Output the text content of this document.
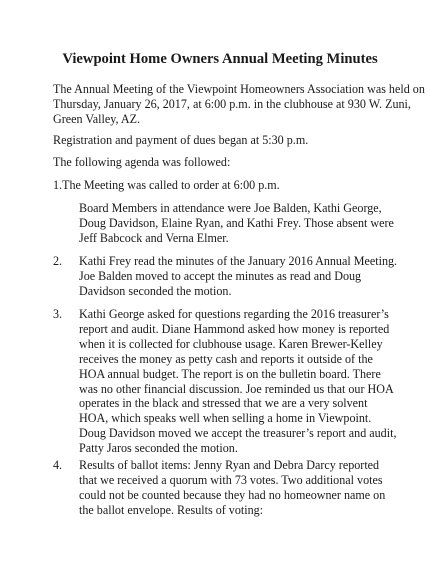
Viewpoint Home Owners Annual Meeting Minutes

The Annual Meeting of the Viewpoint Homeowners Association was held on Thursday, January 26, 2017, at 6:00 p.m. in the clubhouse at 930 W. Zuni, Green Valley, AZ.

Registration and payment of dues began at 5:30 p.m.

The following agenda was followed:

1.The Meeting was called to order at 6:00 p.m.

Board Members in attendance were Joe Balden, Kathi George, Doug Davidson, Elaine Ryan, and Kathi Frey. Those absent were Jeff Babcock and Verna Elmer.

2. Kathi Frey read the minutes of the January 2016 Annual Meeting. Joe Balden moved to accept the minutes as read and Doug Davidson seconded the motion.

3. Kathi George asked for questions regarding the 2016 treasurer’s report and audit. Diane Hammond asked how money is reported when it is collected for clubhouse usage. Karen Brewer-Kelley receives the money as petty cash and reports it outside of the HOA annual budget. The report is on the bulletin board. There was no other financial discussion. Joe reminded us that our HOA operates in the black and stressed that we are a very solvent HOA, which speaks well when selling a home in Viewpoint. Doug Davidson moved we accept the treasurer’s report and audit, Patty Jaros seconded the motion.

4. Results of ballot items: Jenny Ryan and Debra Darcy reported that we received a quorum with 73 votes. Two additional votes could not be counted because they had no homeowner name on the ballot envelope. Results of voting:
